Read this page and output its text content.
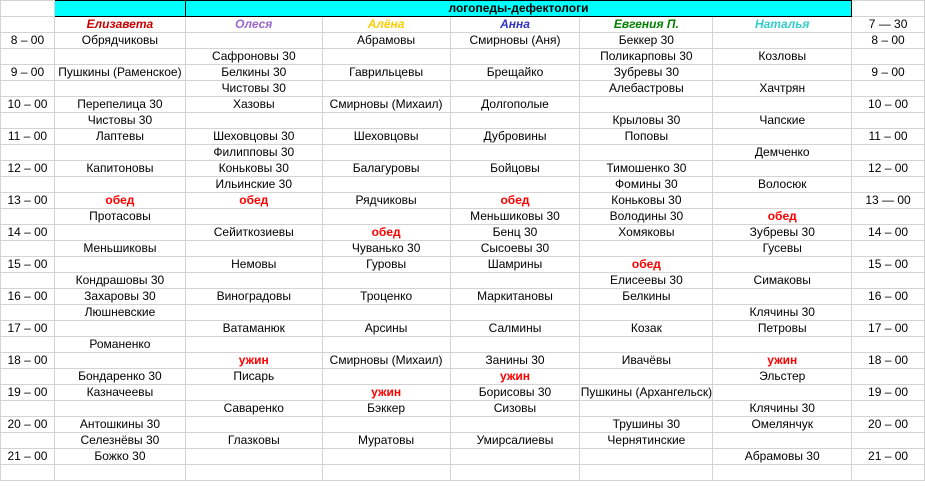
		логопеды-дефектологи					
	Елизавета	Олеся	Алёна	Анна	Евгения П.	Наталья	7 — 30
8 – 00	Обрядчиковы		Абрамовы	Смирновы (Аня)	Беккер 30		8 – 00
		Сафроновы 30			Поликарповы 30	Козловы	
9 – 00	Пушкины (Раменское)	Белкины 30	Гаврильцевы	Брещайко	Зубревы 30		9 – 00
		Чистовы 30			Алебастровы	Хачтрян	
10 – 00	Перепелица 30	Хазовы	Смирновы (Михаил)	Долгополые			10 – 00
	Чистовы 30				Крыловы 30	Чапские	
11 – 00	Лаптевы	Шеховцовы 30	Шеховцовы	Дубровины	Поповы		11 – 00
		Филипповы 30				Демченко	
12 – 00	Капитоновы	Коньковы 30	Балагуровы	Бойцовы	Тимошенко 30		12 – 00
		Ильинские 30			Фомины 30	Волосюк	
13 – 00	обед	обед	Рядчиковы	обед	Коньковы 30		13 — 00
	Протасовы			Меньшиковы 30	Володины 30	обед	
14 – 00		Сейиткозиевы	обед	Бенц 30	Хомяковы	Зубревы 30	14 – 00
	Меньшиковы		Чуванько 30	Сысоевы 30		Гусевы	
15 – 00		Немовы	Гуровы	Шамрины	обед		15 – 00
	Кондрашовы 30				Елисеевы 30	Симаковы	
16 – 00	Захаровы 30	Виноградовы	Троценко	Маркитановы	Белкины		16 – 00
	Люшневские					Клячины 30	
17 – 00		Ватаманюк	Арсины	Салмины	Козак	Петровы	17 – 00
	Романенко						
18 – 00		ужин	Смирновы (Михаил)	Занины 30	Ивачёвы	ужин	18 – 00
	Бондаренко 30	Писарь		ужин		Эльстер	
19 – 00	Казначеевы		ужин	Борисовы 30	Пушкины (Архангельск)		19 – 00
		Саваренко	Бэккер	Сизовы		Клячины 30	
20 – 00	Антошкины 30				Трушины 30	Омелянчук	20 – 00
	Селезнёвы 30	Глазковы	Муратовы	Умирсалиевы	Чернятинские		
21 – 00	Божко 30					Абрамовы 30	21 – 00
